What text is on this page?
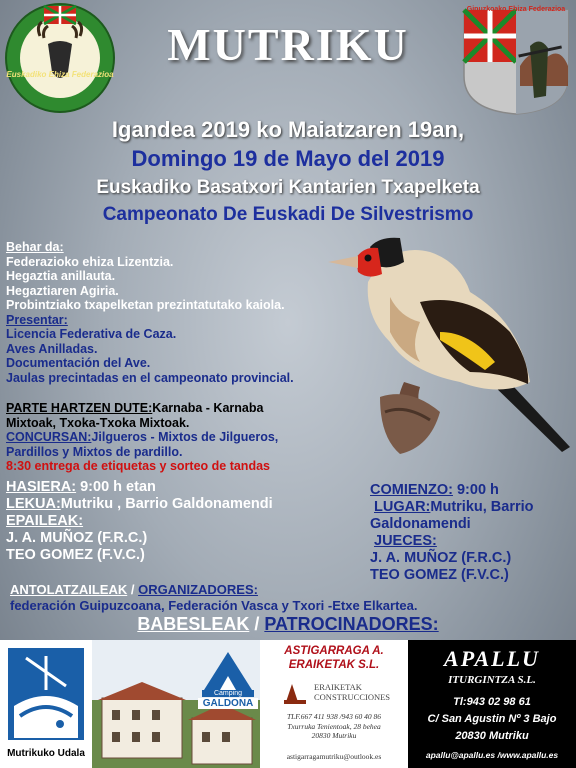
Euskadiko Ehiza Federazioa
MUTRIKU
Gipuzkoako Ehiza Federazioa
Igandea 2019 ko Maiatzaren 19an,
Domingo 19 de Mayo del 2019
Euskadiko Basatxori Kantarien Txapelketa
Campeonato De Euskadi De Silvestrismo
Behar da:
Federazioko ehiza Lizentzia.
Hegaztia anillauta.
Hegaztiaren Agiria.
Probintziako txapelketan prezintatutako kaiola.
Presentar:
Licencia Federativa de Caza.
Aves Anilladas.
Documentación del Ave.
Jaulas precintadas en el campeonato provincial.
PARTE HARTZEN DUTE:Karnaba - Karnaba
Mixtoak, Txoka-Txoka Mixtoak.
CONCURSAN:Jilgueros - Mixtos de Jilgueros,
Pardillos y Mixtos de pardillo.
8:30 entrega de etiquetas y sorteo de tandas
HASIERA: 9:00 h etan
LEKUA:Mutriku , Barrio Galdonamendi
EPAILEAK:
J. A. MUÑOZ (F.R.C.)
TEO GOMEZ (F.V.C.)
COMIENZO: 9:00 h
LUGAR:Mutriku, Barrio
Galdonamendi
JUECES:
J. A. MUÑOZ (F.R.C.)
TEO GOMEZ (F.V.C.)
ANTOLATZAILEAK / ORGANIZADORES:
federación Guipuzcoana, Federación Vasca y Txori -Etxe Elkartea.
BABESLEAK / PATROCINADORES:
Mutrikuko Udala
Camping
GALDONA
ASTIGARRAGA A.
ERAIKETAK S.L.
ERAIKETAK
CONSTRUCCIONES
TLF.667 411 938 /943 60 40 86
Txurruka Tenientoak, 28 behea
20830 Mutriku
astigarragamutriku@outlook.es
APALLU
ITURGINTZA S.L.
Tl:943 02 98 61
C/ San Agustin Nº 3 Bajo
20830 Mutriku
apallu@apallu.es /www.apallu.es
